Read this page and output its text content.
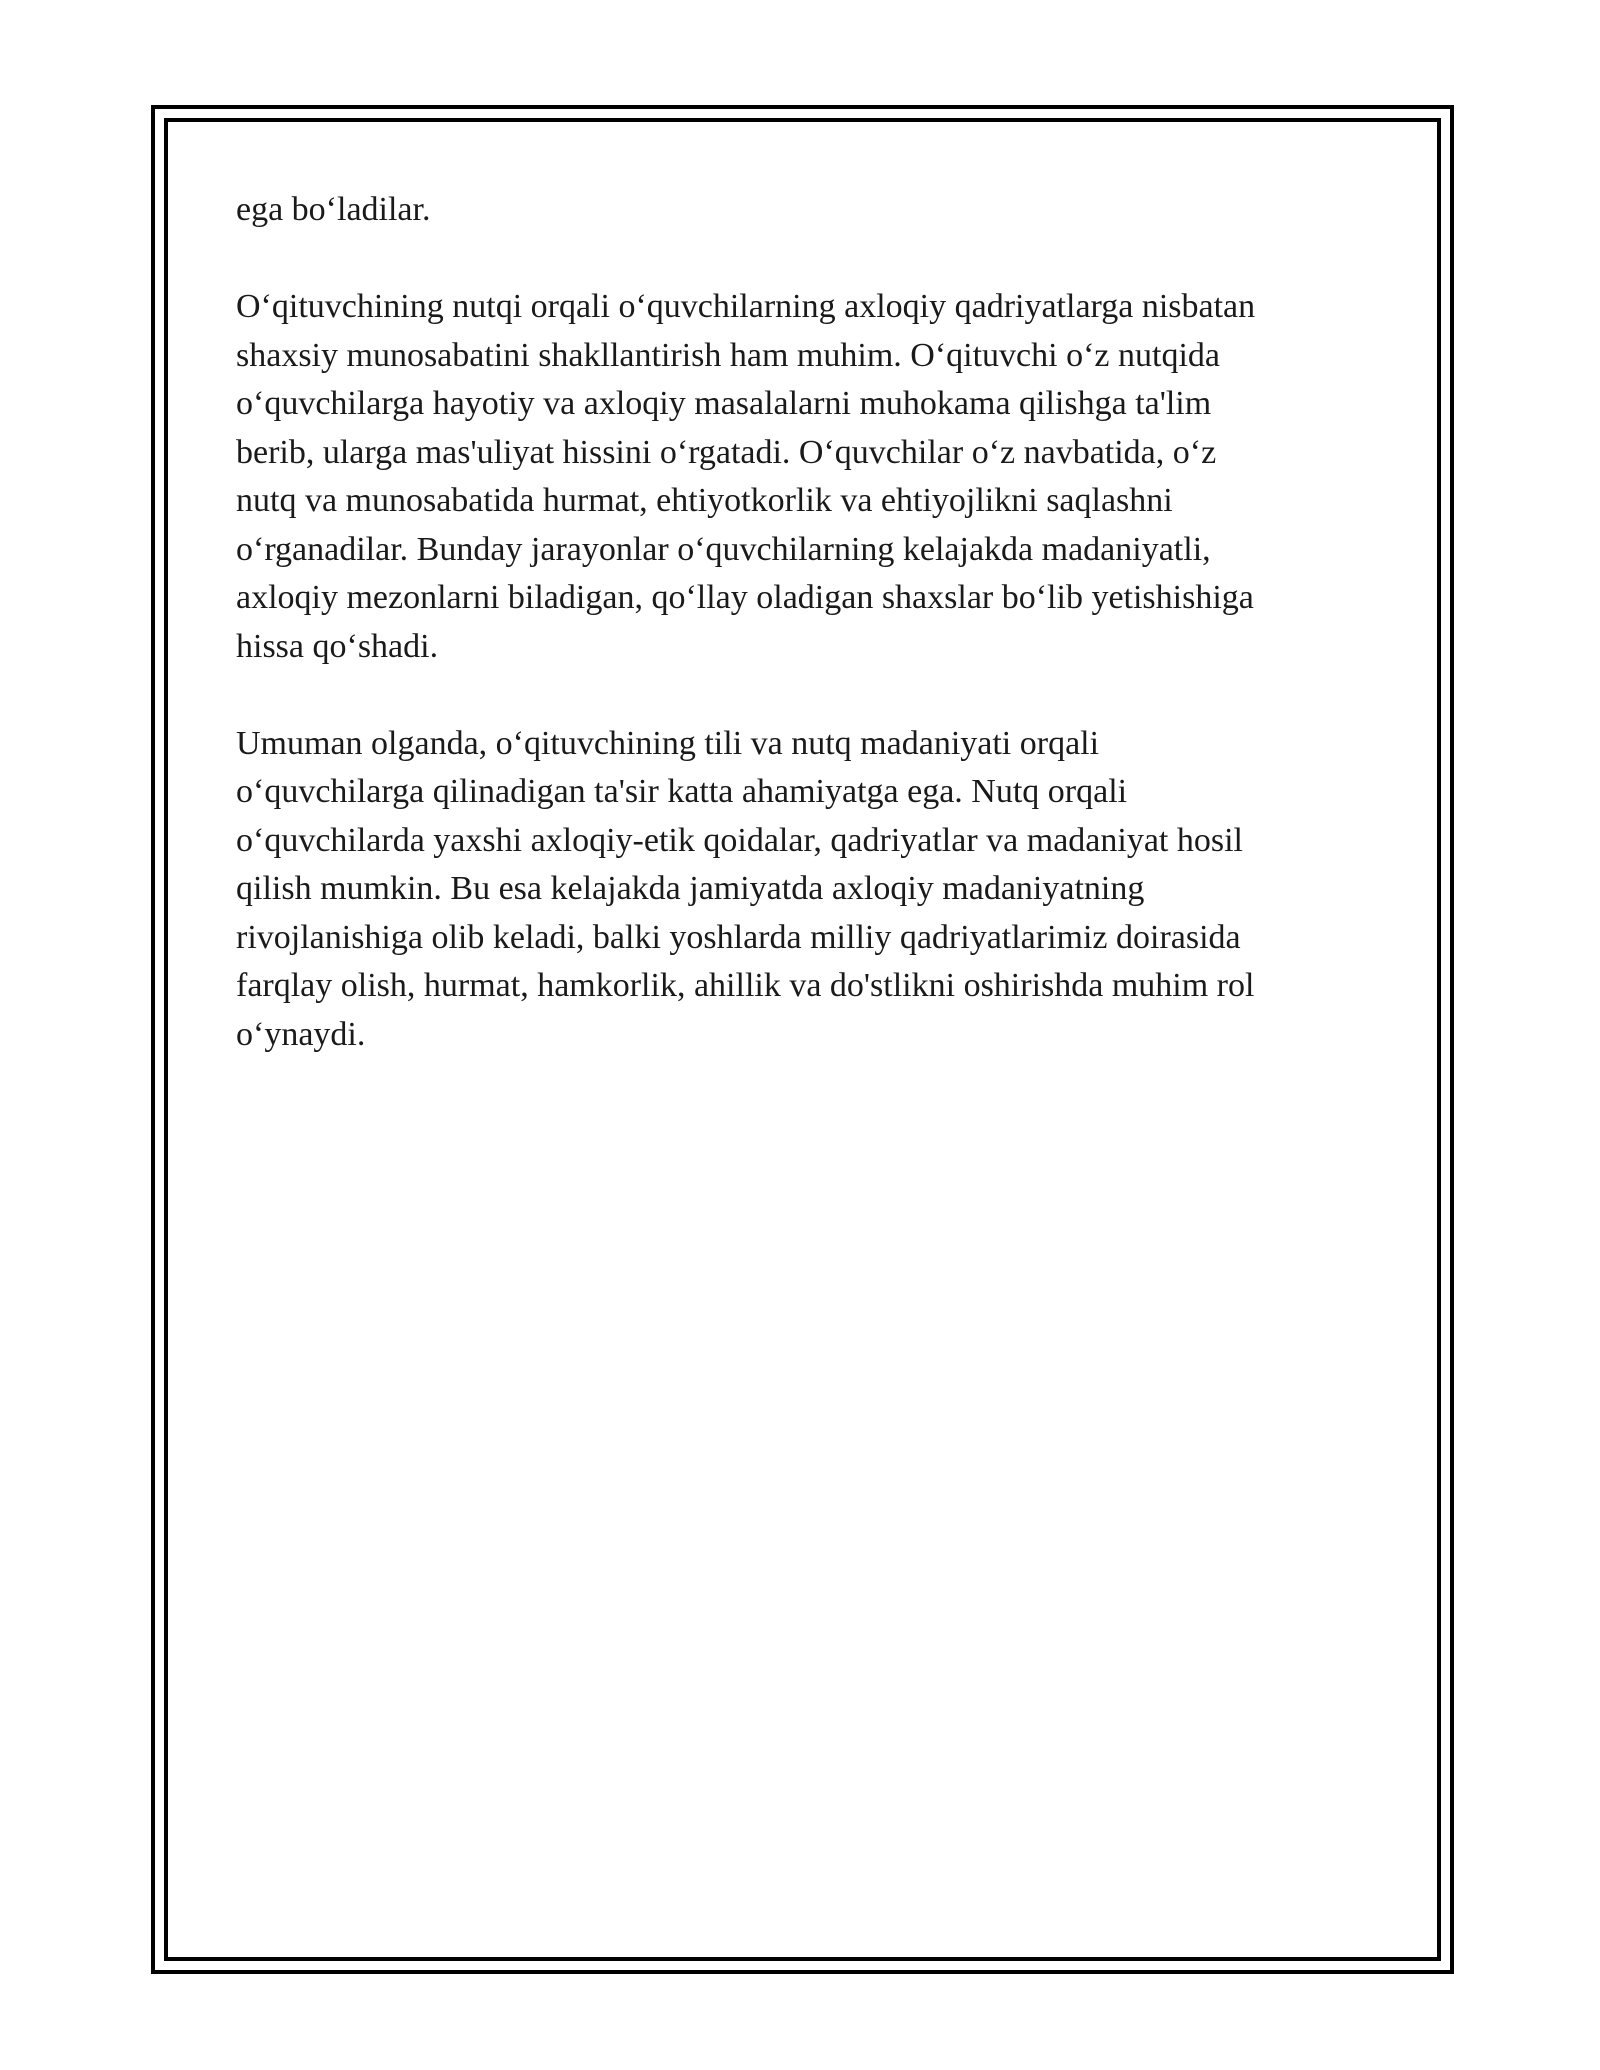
ega bo‘ladilar.

O‘qituvchining nutqi orqali o‘quvchilarning axloqiy qadriyatlarga nisbatan
shaxsiy munosabatini shakllantirish ham muhim. O‘qituvchi o‘z nutqida
o‘quvchilarga hayotiy va axloqiy masalalarni muhokama qilishga ta'lim
berib, ularga mas'uliyat hissini o‘rgatadi. O‘quvchilar o‘z navbatida, o‘z
nutq va munosabatida hurmat, ehtiyotkorlik va ehtiyojlikni saqlashni
o‘rganadilar. Bunday jarayonlar o‘quvchilarning kelajakda madaniyatli,
axloqiy mezonlarni biladigan, qo‘llay oladigan shaxslar bo‘lib yetishishiga
hissa qo‘shadi.

Umuman olganda, o‘qituvchining tili va nutq madaniyati orqali
o‘quvchilarga qilinadigan ta'sir katta ahamiyatga ega. Nutq orqali
o‘quvchilarda yaxshi axloqiy-etik qoidalar, qadriyatlar va madaniyat hosil
qilish mumkin. Bu esa kelajakda jamiyatda axloqiy madaniyatning
rivojlanishiga olib keladi, balki yoshlarda milliy qadriyatlarimiz doirasida
farqlay olish, hurmat, hamkorlik, ahillik va do'stlikni oshirishda muhim rol
o‘ynaydi.
